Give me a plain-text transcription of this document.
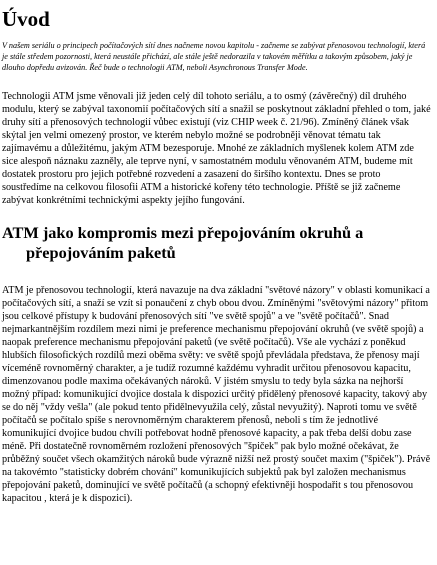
Úvod

V našem seriálu o principech počítačových sítí dnes načneme novou kapitolu - začneme se zabývat přenosovou technologií, která je stále středem pozornosti, která neustále přichází, ale stále ještě nedorazila v takovém měřítku a takovým způsobem, jaký je dlouho dopředu avizován. Řeč bude o technologii ATM, neboli Asynchronous Transfer Mode.

Technologii ATM jsme věnovali již jeden celý díl tohoto seriálu, a to osmý (závěrečný) díl druhého modulu, který se zabýval taxonomií počítačových sítí a snažil se poskytnout základní přehled o tom, jaké druhy sítí a přenosových technologií vůbec existují (viz CHIP week č. 21/96). Zmíněný článek však skýtal jen velmi omezený prostor, ve kterém nebylo možné se podrobněji věnovat tématu tak zajímavému a důležitému, jakým ATM bezesporuje. Mnohé ze základních myšlenek kolem ATM zde sice alespoň náznaku zazněly, ale teprve nyní, v samostatném modulu věnovaném ATM, budeme mít dostatek prostoru pro jejich potřebné rozvedení a zasazení do širšího kontextu. Dnes se proto soustředíme na celkovou filosofii ATM a historické kořeny této technologie. Příště se již začneme zabývat konkrétními technickými aspekty jejího fungování.

ATM jako kompromis mezi přepojováním okruhů a přepojováním paketů

ATM je přenosovou technologií, která navazuje na dva základní "světové názory" v oblasti komunikací a počítačových sítí, a snaží se vzít si ponaučení z chyb obou dvou. Zmíněnými "světovými názory" přitom jsou celkové přístupy k budování přenosových sítí "ve světě spojů" a ve "světě počítačů". Snad nejmarkantnějším rozdílem mezi nimi je preference mechanismu přepojování okruhů (ve světě spojů) a naopak preference mechanismu přepojování paketů (ve světě počítačů). Vše ale vychází z poněkud hlubších filosofických rozdílů mezi oběma světy: ve světě spojů převládala představa, že přenosy mají víceméně rovnoměrný charakter, a je tudíž rozumné každému vyhradit určitou přenosovou kapacitu, dimenzovanou podle maxima očekávaných nároků. V jistém smyslu to tedy byla sázka na nejhorší možný případ: komunikující dvojice dostala k dispozici určitý přidělený přenosové kapacity, takový aby se do něj "vždy vešla" (ale pokud tento přidělnevyužila celý, zůstal nevyužitý). Naproti tomu ve světě počítačů se počítalo spíše s nerovnoměrným charakterem přenosů, neboli s tím že jednotlivé komunikující dvojice budou chvíli potřebovat hodně přenosové kapacity, a pak třeba delší dobu zase méně. Při dostatečně rovnoměrném rozložení přenosových "špiček" pak bylo možné očekávat, že průběžný součet všech okamžitých nároků bude výrazně nižší než prostý součet maxim ("špiček"). Právě na takovémto "statisticky dobrém chování" komunikujících subjektů pak byl založen mechanismus přepojování paketů, dominující ve světě počítačů (a schopný efektivněji hospodařit s tou přenosovou kapacitou , která je k dispozici).
